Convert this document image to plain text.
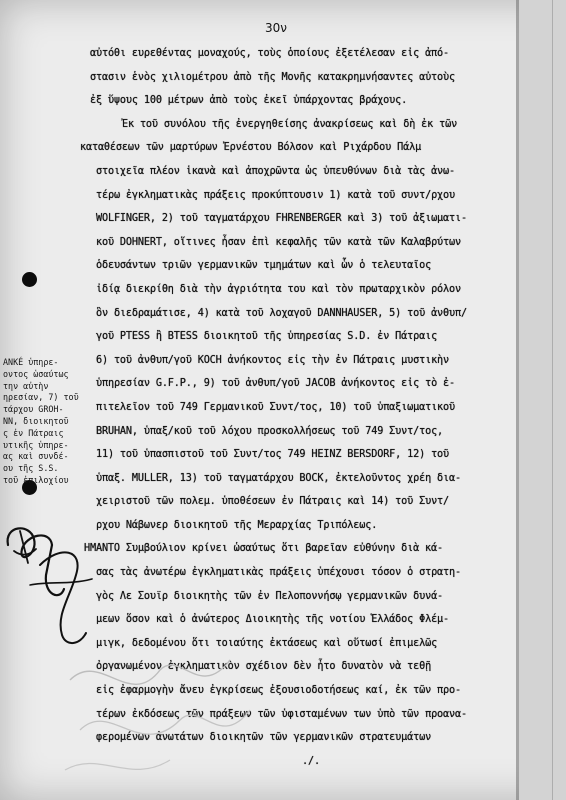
30ν
αὐτόθι ευρεθέντας μοναχούς, τοὺς ὁποίους ἐξετέλεσαν εἰς ἀπό-
στασιν ἑνὸς χιλιομέτρου ἀπὸ τῆς Μονῆς κατακρημνήσαντες αὐτοὺς
ἐξ ὕψους 100 μέτρων ἀπὸ τοὺς ἐκεῖ ὑπάρχοντας βράχους.
Ἐκ τοῦ συνόλου τῆς ἐνεργηθείσης ἀνακρίσεως καὶ δὴ ἐκ τῶν
καταθέσεων τῶν μαρτύρων Ἐρνέστου Βόλσον καὶ Ριχάρδου Πάλμ
στοιχεῖα πλέον ἱκανὰ καὶ ἀποχρῶντα ὡς ὑπευθύνων διὰ τὰς ἀνω-
τέρω ἐγκληματικὰς πράξεις προκύπτουσιν 1) κατὰ τοῦ συντ/ρχου
WOLFINGER, 2) τοῦ ταγματάρχου FHRENBERGER καὶ 3) τοῦ ἀξιωματι-
κοῦ DOHNERT, οἵτινες ἦσαν ἐπὶ κεφαλῆς τῶν κατὰ τῶν Καλαβρύτων
ὁδευσάντων τριῶν γερμανικῶν τμημάτων καὶ ὧν ὁ τελευταῖος
ἰδίᾳ διεκρίθη διὰ τὴν ἀγριότητα του καὶ τὸν πρωταρχικὸν ρόλον
ὃν διεδραμάτισε, 4) κατὰ τοῦ λοχαγοῦ DANNHAUSER, 5) τοῦ ἀνθυπ/
γοῦ PTESS ἢ BTESS διοικητοῦ τῆς ὑπηρεσίας S.D. ἐν Πάτραις
6) τοῦ ἀνθυπ/γοῦ KOCH ἀνήκοντος εἰς τὴν ἐν Πάτραις μυστικὴν
ὑπηρεσίαν G.F.P., 9) τοῦ ἀνθυπ/γοῦ JACOB ἀνήκοντος εἰς τὸ ἐ-
πιτελεῖον τοῦ 749 Γερμανικοῦ Συντ/τος, 10) τοῦ ὑπαξιωματικοῦ
BRUHAN, ὑπαξ/κοῦ τοῦ λόχου προσκολλήσεως τοῦ 749 Συντ/τος,
11) τοῦ ὑπασπιστοῦ τοῦ Συντ/τος 749 HEINZ BERSDORF, 12) τοῦ
ὑπαξ. MULLER, 13) τοῦ ταγματάρχου BOCK, ἐκτελοῦντος χρέη δια-
χειριστοῦ τῶν πολεμ. ὑποθέσεων ἐν Πάτραις καὶ 14) τοῦ Συντ/
ρχου Νάβωνερ διοικητοῦ τῆς Μεραρχίας Τριπόλεως.
ΗΜΑΝΤΟ Συμβούλιον κρίνει ὡσαύτως ὅτι βαρεῖαν εὐθύνην διὰ κά-
σας τὰς ἀνωτέρω ἐγκληματικὰς πράξεις ὑπέχουσι τόσον ὁ στρατη-
γὸς Λε Σουϊρ διοικητὴς τῶν ἐν Πελοποννήσῳ γερμανικῶν δυνά-
μεων ὅσον καὶ ὁ ἀνώτερος Διοικητὴς τῆς νοτίου Ἑλλάδος Φλέμ-
μιγκ, δεδομένου ὅτι τοιαύτης ἐκτάσεως καὶ οὕτωσί ἐπιμελῶς
ὀργανωμένον ἐγκληματικὸν σχέδιον δὲν ἦτο δυνατὸν νὰ τεθῇ
εἰς ἐφαρμογὴν ἄνευ ἐγκρίσεως ἐξουσιοδοτήσεως καί, ἐκ τῶν προ-
τέρων ἐκδόσεως τῶν πράξεων τῶν ὑφισταμένων των ὑπὸ τῶν προανα-
φερομένων ἀνωτάτων διοικητῶν τῶν γερμανικῶν στρατευμάτων
./.
ANKÉ ὑπηρε-
οντος ὡσαύτως
την αὐτὴν
ηρεσίαν, 7) τοῦ
τάρχου GROH-
ΝΝ, διοικητοῦ
ς ἐν Πάτραις
υτικῆς ὑπηρε-
ας καὶ συνδέ-
ου τῆς S.S.
τοῦ ἐπιλοχίου
